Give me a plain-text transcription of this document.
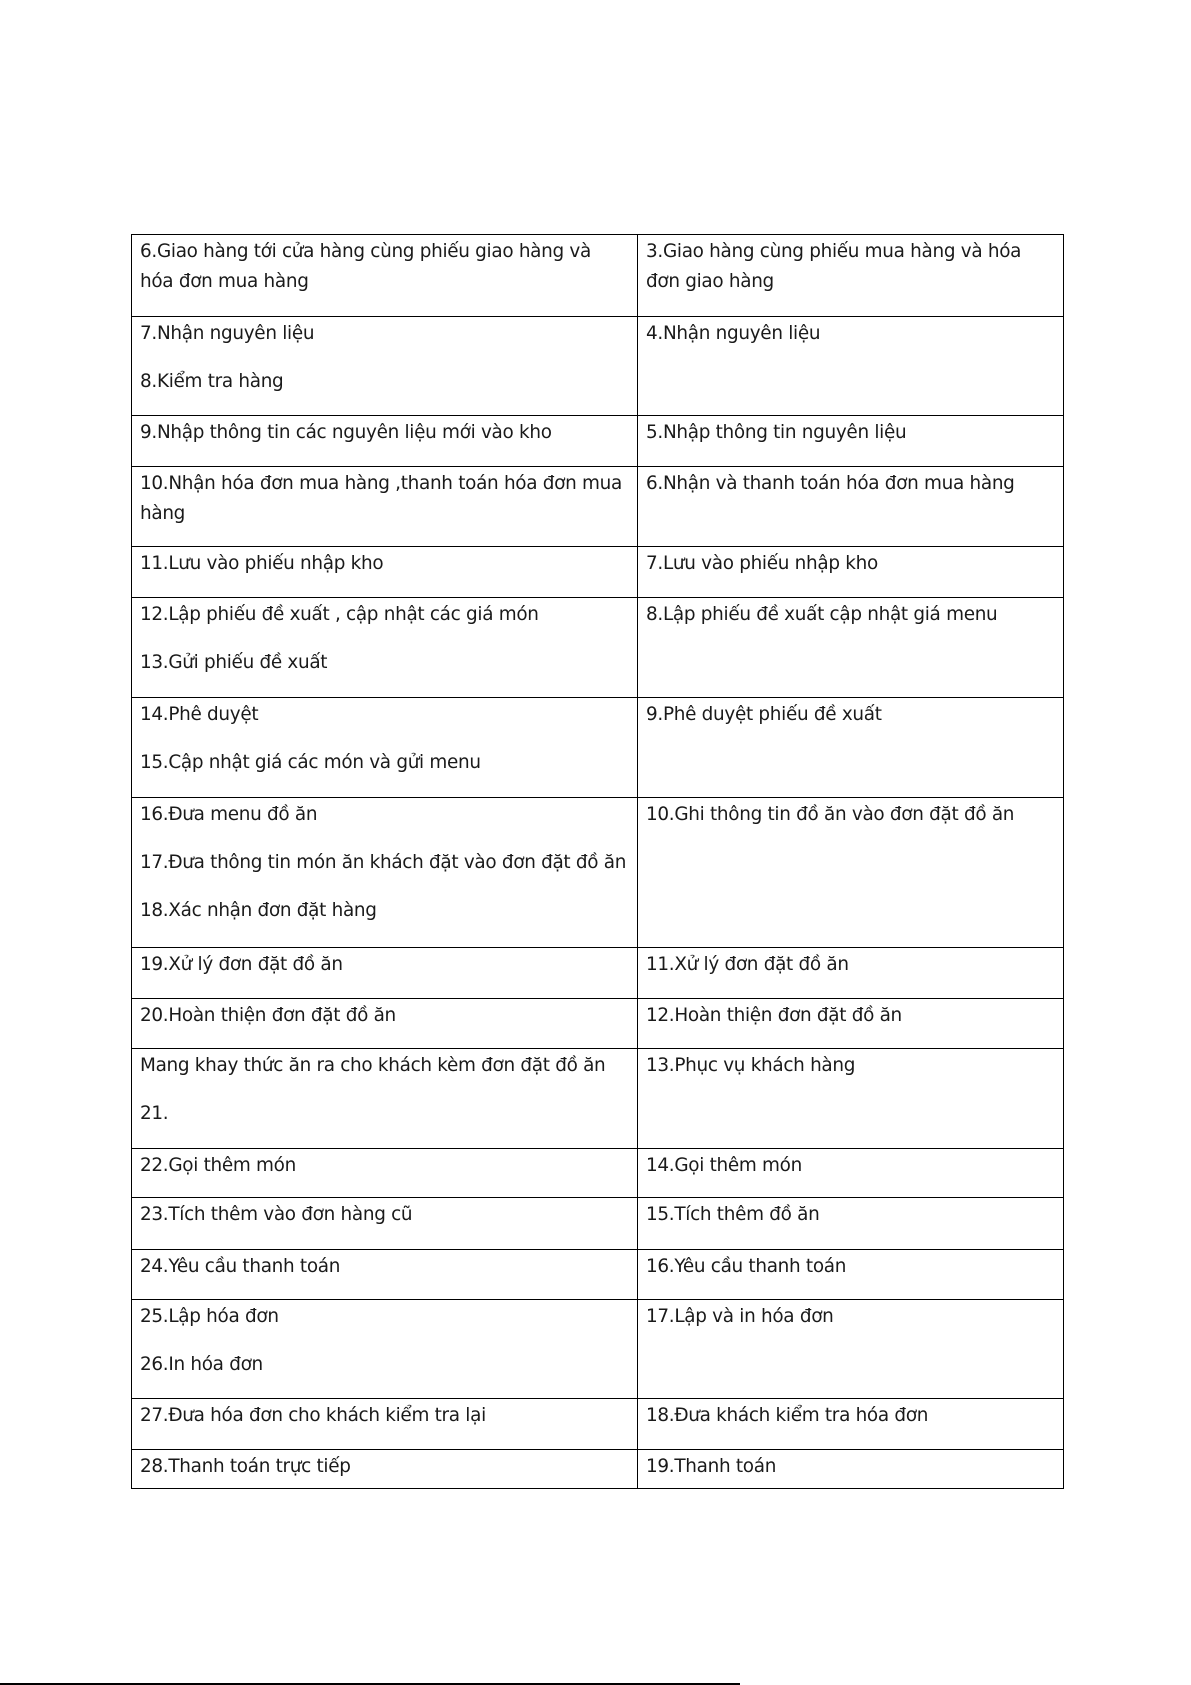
6.Giao hàng tới cửa hàng cùng phiếu giao hàng và hóa đơn mua hàng	3.Giao hàng cùng phiếu mua hàng và hóa đơn giao hàng

7.Nhận nguyên liệu
8.Kiểm tra hàng	4.Nhận nguyên liệu

9.Nhập thông tin các nguyên liệu mới vào kho	5.Nhập thông tin nguyên liệu

10.Nhận hóa đơn mua hàng ,thanh toán hóa đơn mua hàng	6.Nhận và thanh toán hóa đơn mua hàng

11.Lưu vào phiếu nhập kho	7.Lưu vào phiếu nhập kho

12.Lập phiếu đề xuất , cập nhật các giá món
13.Gửi phiếu đề xuất	8.Lập phiếu đề xuất cập nhật giá menu

14.Phê duyệt
15.Cập nhật giá các món và gửi menu	9.Phê duyệt phiếu đề xuất

16.Đưa menu đồ ăn
17.Đưa thông tin món ăn khách đặt vào đơn đặt đồ ăn
18.Xác nhận đơn đặt hàng	10.Ghi thông tin đồ ăn vào đơn đặt đồ ăn

19.Xử lý đơn đặt đồ ăn	11.Xử lý đơn đặt đồ ăn

20.Hoàn thiện đơn đặt đồ ăn	12.Hoàn thiện đơn đặt đồ ăn

Mang khay thức ăn ra cho khách kèm đơn đặt đồ ăn
21.	13.Phục vụ khách hàng

22.Gọi thêm món	14.Gọi thêm món

23.Tích thêm vào đơn hàng cũ	15.Tích thêm đồ ăn

24.Yêu cầu thanh toán	16.Yêu cầu thanh toán

25.Lập hóa đơn
26.In hóa đơn	17.Lập và in hóa đơn

27.Đưa hóa đơn cho khách kiểm tra lại	18.Đưa khách kiểm tra hóa đơn

28.Thanh toán trực tiếp	19.Thanh toán
